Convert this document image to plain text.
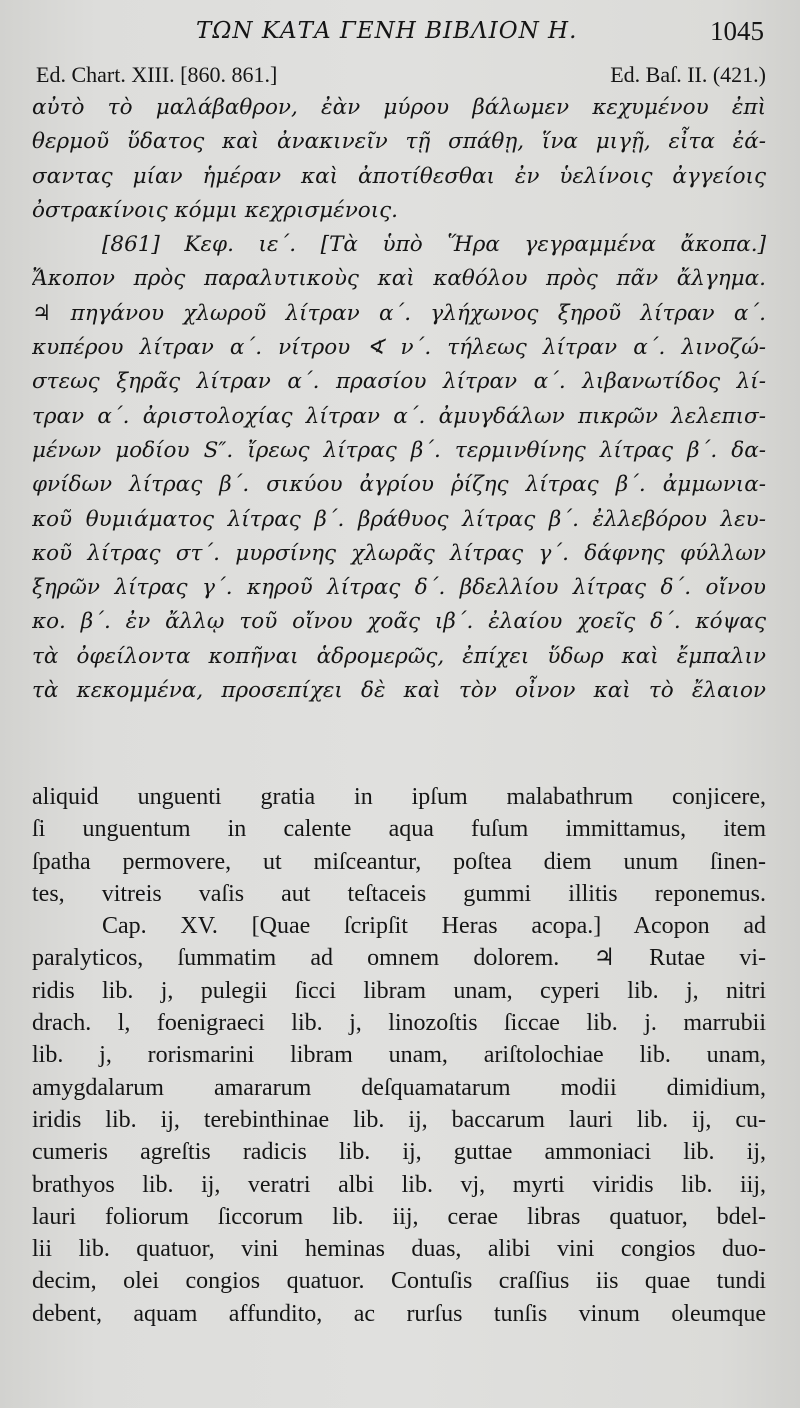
ΤΩΝ ΚΑΤΑ ΓΕΝΗ ΒΙΒΛΙΟΝ Η.	1045
Ed. Chart. XIII. [860. 861.]	Ed. Baſ. II. (421.)
αὐτὸ τὸ μαλάβαθρον, ἐὰν μύρου βάλωμεν κεχυμένου ἐπὶ
θερμοῦ ὕδατος καὶ ἀνακινεῖν τῇ σπάθῃ, ἵνα μιγῇ, εἶτα ἐά-
σαντας μίαν ἡμέραν καὶ ἀποτίθεσθαι ἐν ὑελίνοις ἀγγείοις
ὀστρακίνοις κόμμι κεχρισμένοις.
[861] Κεφ. ιε΄. [Τὰ ὑπὸ Ἥρα γεγραμμένα ἄκοπα.]
Ἄκοπον πρὸς παραλυτικοὺς καὶ καθόλου πρὸς πᾶν ἄλγημα.
♃ πηγάνου χλωροῦ λίτραν α΄. γλήχωνος ξηροῦ λίτραν α΄.
κυπέρου λίτραν α΄. νίτρου ∢ ν΄. τήλεως λίτραν α΄. λινοζώ-
στεως ξηρᾶς λίτραν α΄. πρασίου λίτραν α΄. λιβανωτίδος λί-
τραν α΄. ἀριστολοχίας λίτραν α΄. ἀμυγδάλων πικρῶν λελεπισ-
μένων μοδίου S″. ἴρεως λίτρας β΄. τερμινθίνης λίτρας β΄. δα-
φνίδων λίτρας β΄. σικύου ἀγρίου ῥίζης λίτρας β΄. ἀμμωνια-
κοῦ θυμιάματος λίτρας β΄. βράθυος λίτρας β΄. ἐλλεβόρου λευ-
κοῦ λίτρας στ΄. μυρσίνης χλωρᾶς λίτρας γ΄. δάφνης φύλλων
ξηρῶν λίτρας γ΄. κηροῦ λίτρας δ΄. βδελλίου λίτρας δ΄. οἴνου
κο. β΄. ἐν ἄλλῳ τοῦ οἴνου χοᾶς ιβ΄. ἐλαίου χοεῖς δ΄. κόψας
τὰ ὀφείλοντα κοπῆναι ἁδρομερῶς, ἐπίχει ὕδωρ καὶ ἔμπαλιν
τὰ κεκομμένα, προσεπίχει δὲ καὶ τὸν οἶνον καὶ τὸ ἔλαιον
aliquid unguenti gratia in ipſum malabathrum conjicere,
ſi unguentum in calente aqua fuſum immittamus, item
ſpatha permovere, ut miſceantur, poſtea diem unum ſinen-
tes, vitreis vaſis aut teſtaceis gummi illitis reponemus.
Cap. XV. [Quae ſcripſit Heras acopa.] Acopon ad
paralyticos, ſummatim ad omnem dolorem. ♃ Rutae vi-
ridis lib. j, pulegii ſicci libram unam, cyperi lib. j, nitri
drach. l, foenigraeci lib. j, linozoſtis ſiccae lib. j. marrubii
lib. j, rorismarini libram unam, ariſtolochiae lib. unam,
amygdalarum amararum deſquamatarum modii dimidium,
iridis lib. ij, terebinthinae lib. ij, baccarum lauri lib. ij, cu-
cumeris agreſtis radicis lib. ij, guttae ammoniaci lib. ij,
brathyos lib. ij, veratri albi lib. vj, myrti viridis lib. iij,
lauri foliorum ſiccorum lib. iij, cerae libras quatuor, bdel-
lii lib. quatuor, vini heminas duas, alibi vini congios duo-
decim, olei congios quatuor. Contuſis craſſius iis quae tundi
debent, aquam affundito, ac rurſus tunſis vinum oleumque
